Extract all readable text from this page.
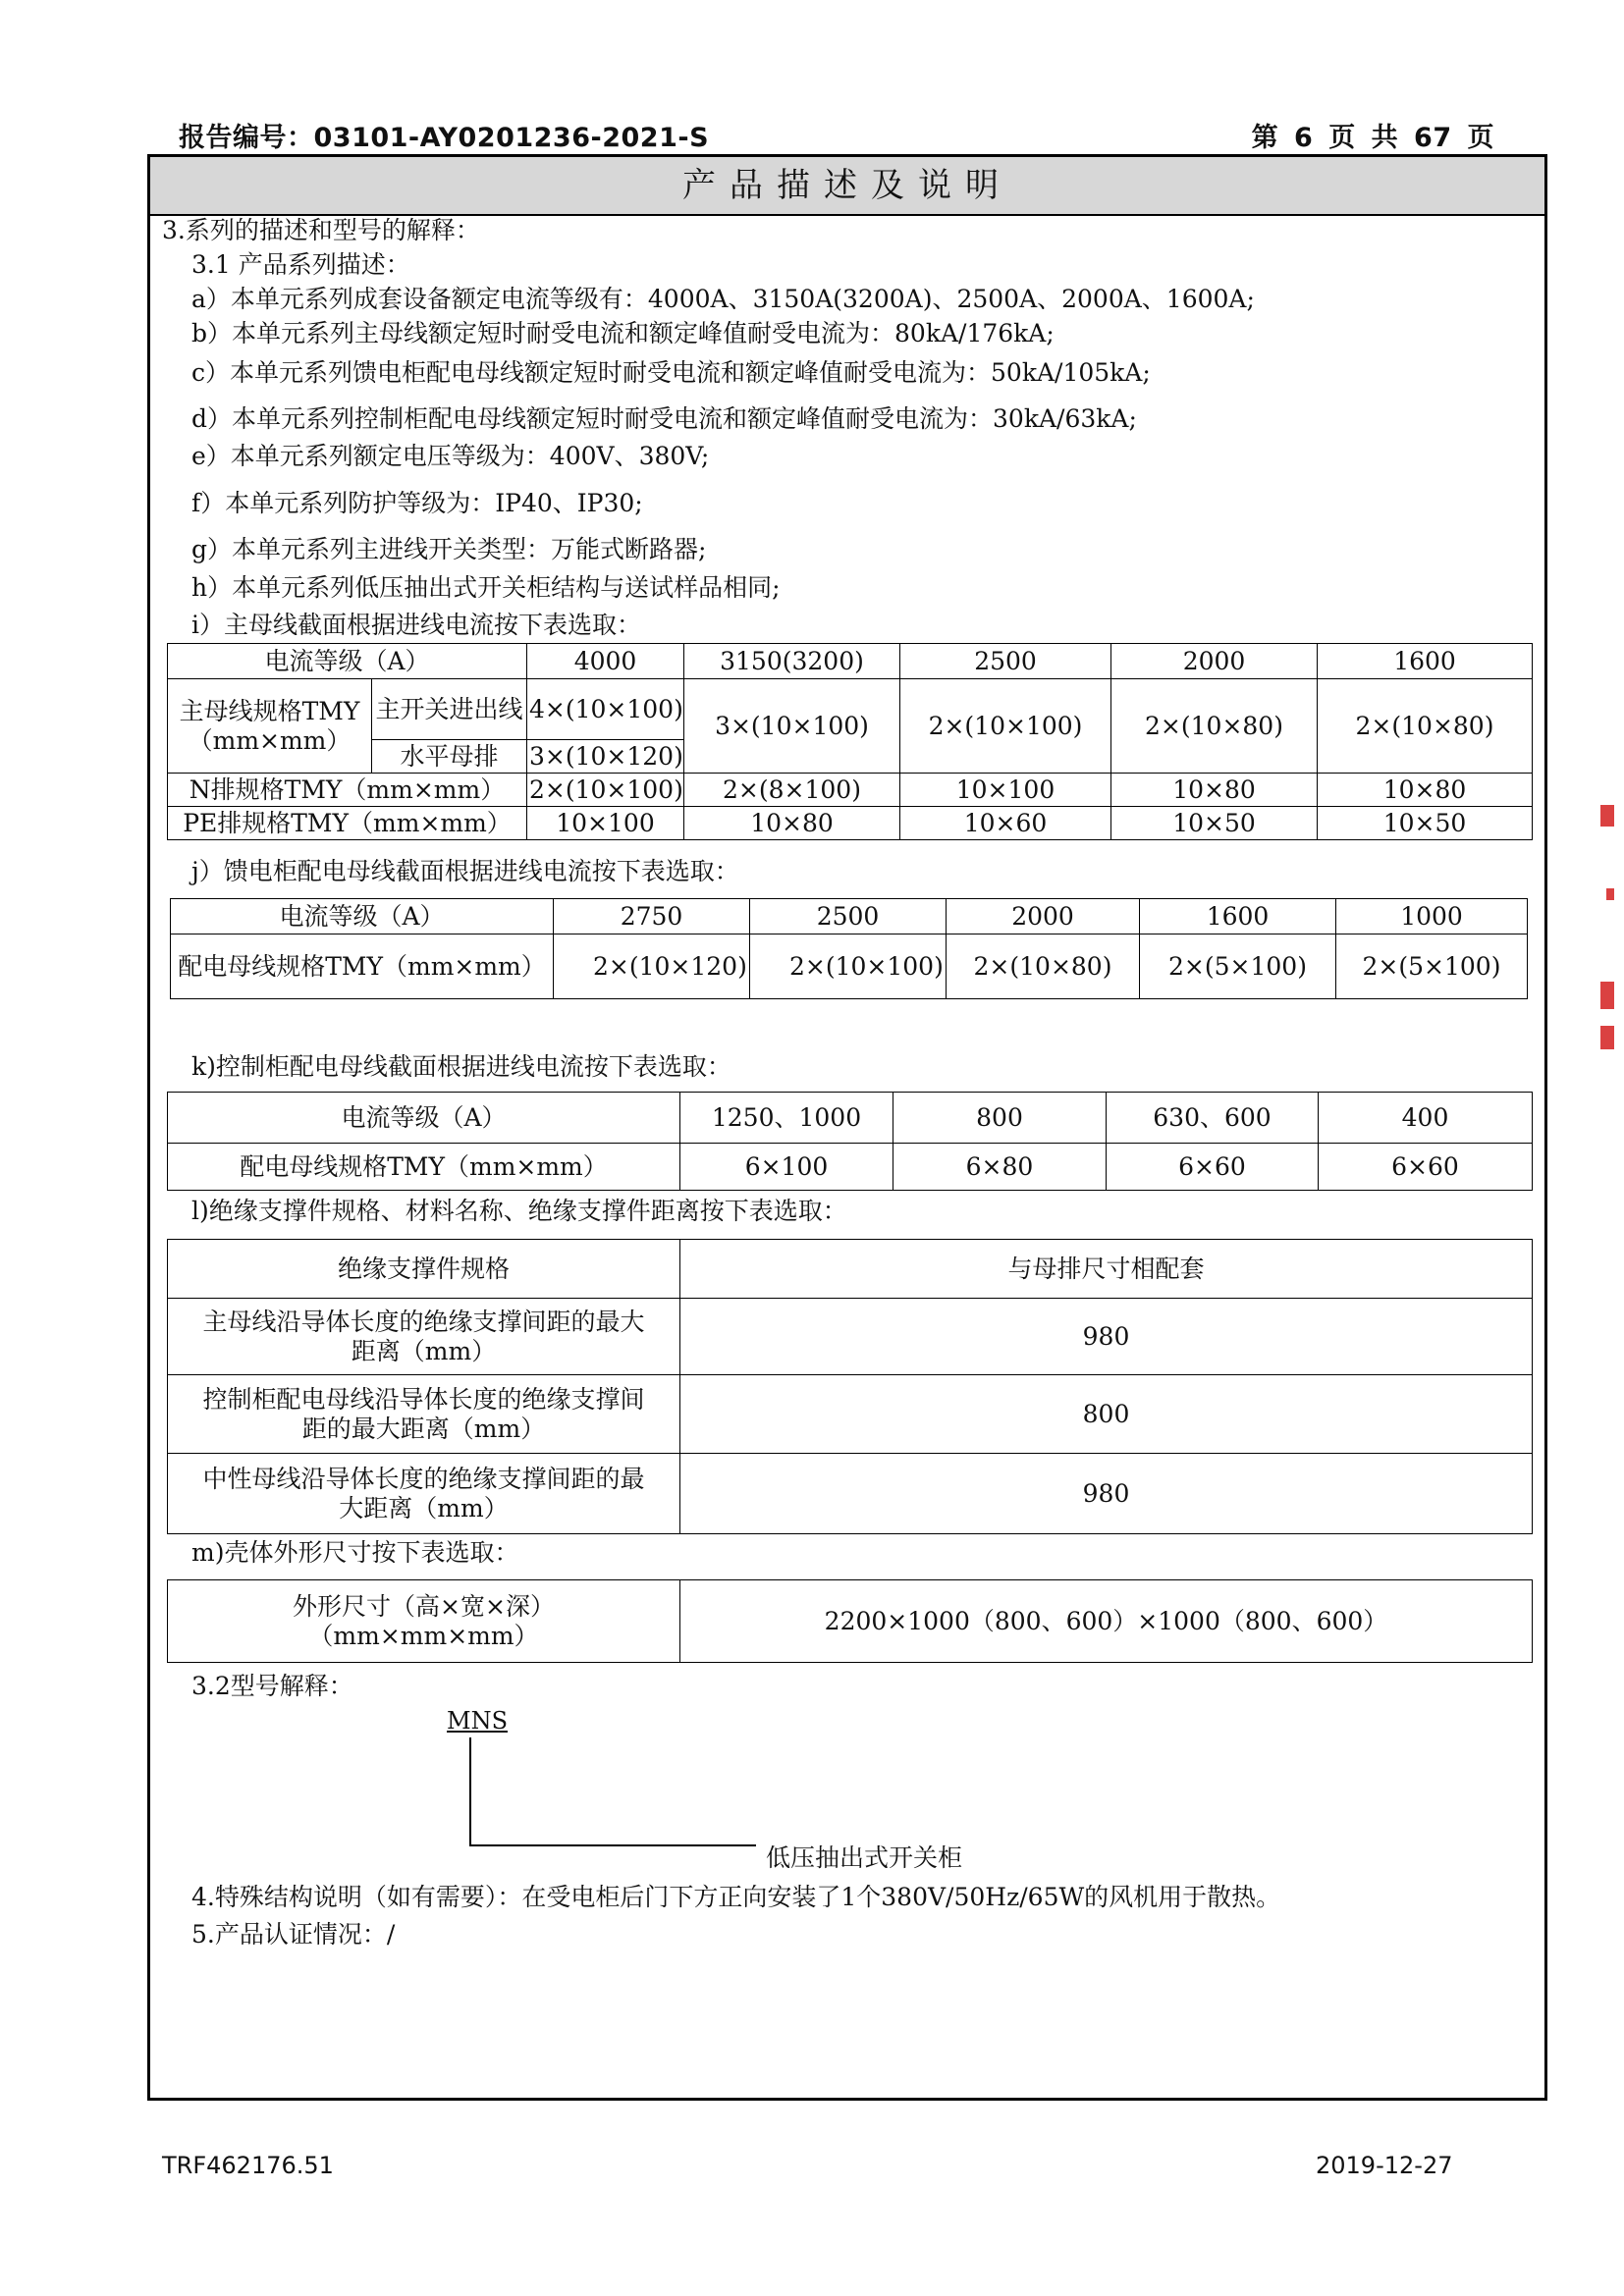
报告编号：03101-AY0201236-2021-S	第 6 页 共 67 页
产品描述及说明
3.系列的描述和型号的解释：
3.1 产品系列描述：
a）本单元系列成套设备额定电流等级有：4000A、3150A(3200A)、2500A、2000A、1600A;
b）本单元系列主母线额定短时耐受电流和额定峰值耐受电流为：80kA/176kA;
c）本单元系列馈电柜配电母线额定短时耐受电流和额定峰值耐受电流为：50kA/105kA;
d）本单元系列控制柜配电母线额定短时耐受电流和额定峰值耐受电流为：30kA/63kA;
e）本单元系列额定电压等级为：400V、380V;
f）本单元系列防护等级为：IP40、IP30;
g）本单元系列主进线开关类型：万能式断路器;
h）本单元系列低压抽出式开关柜结构与送试样品相同;
i）主母线截面根据进线电流按下表选取：
电流等级（A）		4000	3150(3200)	2500	2000	1600
主母线规格TMY（mm×mm）	主开关进出线	4×(10×100)	3×(10×100)	2×(10×100)	2×(10×80)	2×(10×80)
	水平母排	3×(10×120)				
N排规格TMY（mm×mm）		2×(10×100)	2×(8×100)	10×100	10×80	10×80
PE排规格TMY（mm×mm）		10×100	10×80	10×60	10×50	10×50
j）馈电柜配电母线截面根据进线电流按下表选取：
电流等级（A）	2750	2500	2000	1600	1000
配电母线规格TMY（mm×mm）	2×(10×120)	2×(10×100)	2×(10×80)	2×(5×100)	2×(5×100)
k)控制柜配电母线截面根据进线电流按下表选取：
电流等级（A）	1250、1000	800	630、600	400
配电母线规格TMY（mm×mm）	6×100	6×80	6×60	6×60
l)绝缘支撑件规格、材料名称、绝缘支撑件距离按下表选取：
绝缘支撑件规格	与母排尺寸相配套
主母线沿导体长度的绝缘支撑间距的最大距离（mm）	980
控制柜配电母线沿导体长度的绝缘支撑间距的最大距离（mm）	800
中性母线沿导体长度的绝缘支撑间距的最大距离（mm）	980
m)壳体外形尺寸按下表选取：
外形尺寸（高×宽×深）（mm×mm×mm）	2200×1000（800、600）×1000（800、600）
3.2型号解释：
MNS
低压抽出式开关柜
4.特殊结构说明（如有需要）：在受电柜后门下方正向安装了1个380V/50Hz/65W的风机用于散热。
5.产品认证情况：/
TRF462176.51	2019-12-27
